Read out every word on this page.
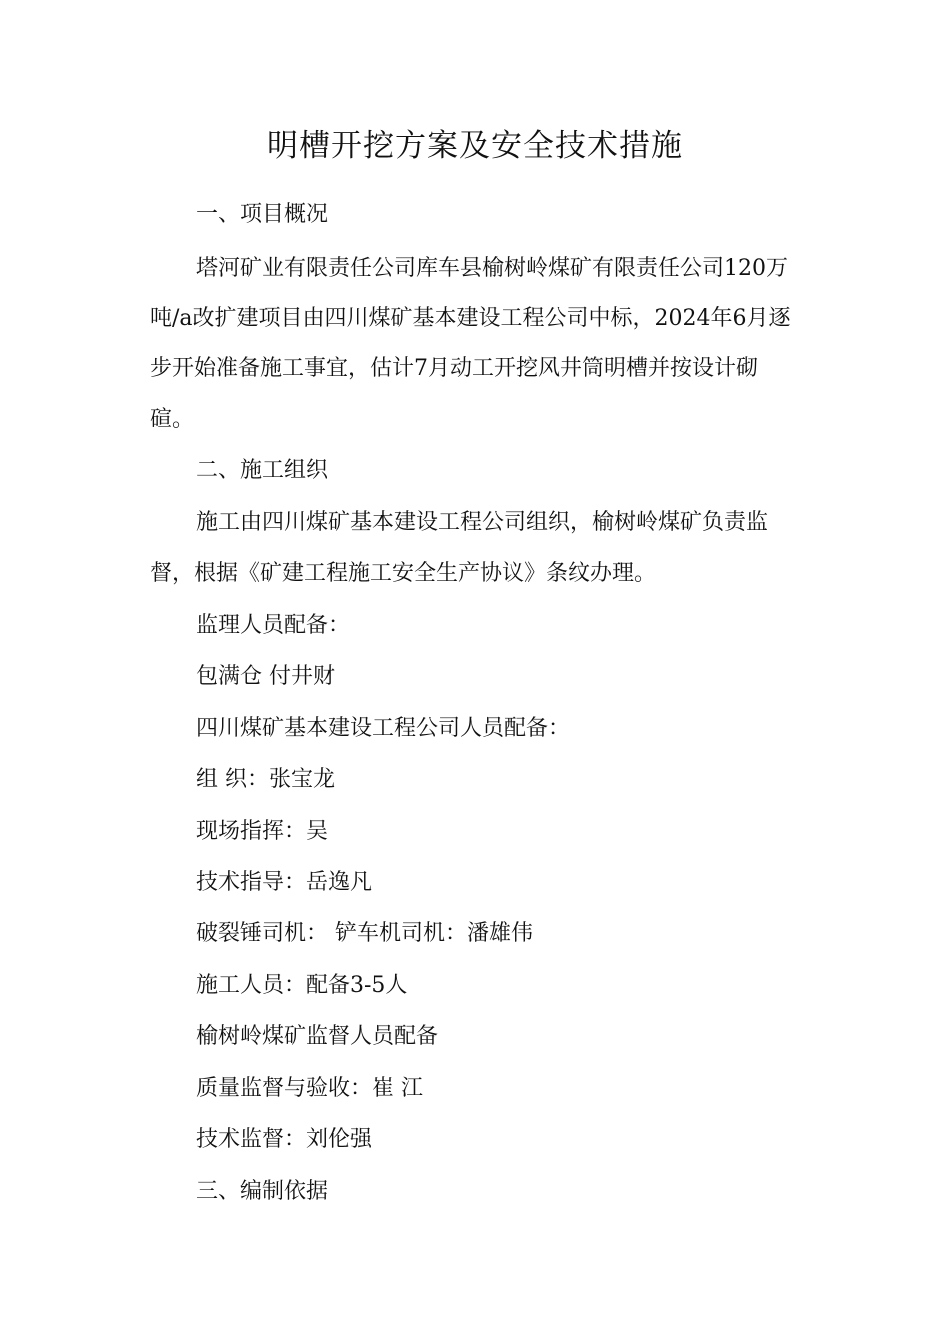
明槽开挖方案及安全技术措施

一、项目概况

塔河矿业有限责任公司库车县榆树岭煤矿有限责任公司120万

吨/a改扩建项目由四川煤矿基本建设工程公司中标，2024年6月逐

步开始准备施工事宜，估计7月动工开挖风井筒明槽并按设计砌

碹。

二、施工组织

施工由四川煤矿基本建设工程公司组织，榆树岭煤矿负责监

督，根据《矿建工程施工安全生产协议》条纹办理。

监理人员配备：

包满仓 付井财

四川煤矿基本建设工程公司人员配备：

组 织：张宝龙

现场指挥：吴

技术指导：岳逸凡

破裂锤司机： 铲车机司机：潘雄伟

施工人员：配备3-5人

榆树岭煤矿监督人员配备

质量监督与验收：崔 江

技术监督：刘伦强

三、编制依据
